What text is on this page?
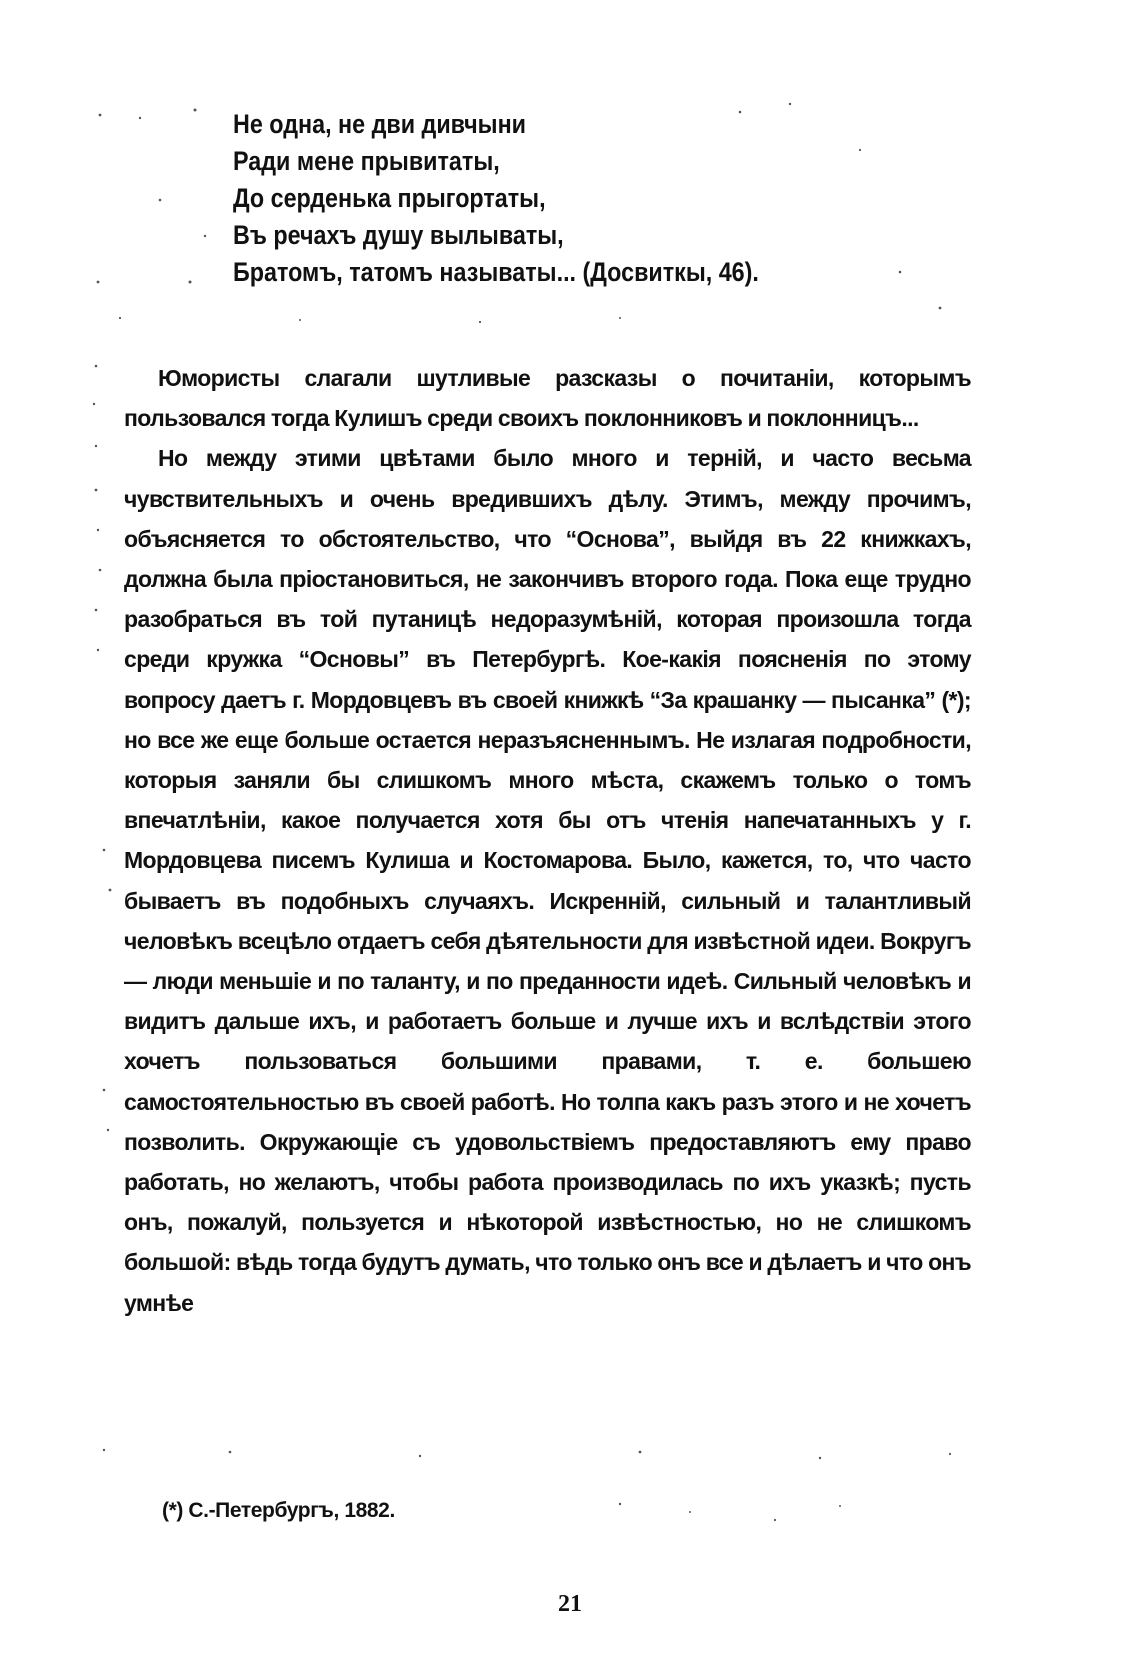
Не одна, не дви дивчыни
Ради мене прывитаты,
До серденька прыгортаты,
Въ речахъ душу вылываты,
Братомъ, татомъ называты... (Досвиткы, 46).

Юмористы слагали шутливые разсказы о почитанiи, которымъ пользовался тогда Кулишъ среди своихъ поклонниковъ и поклонницъ...

Но между этими цвѣтами было много и тернiй, и часто весьма чувствительныхъ и очень вредившихъ дѣлу. Этимъ, между прочимъ, объясняется то обстоятельство, что “Основа”, выйдя въ 22 книжкахъ, должна была прiостановиться, не закончивъ второго года. Пока еще трудно разобраться въ той путаницѣ недоразумѣнiй, которая произошла тогда среди кружка “Основы” въ Петербургѣ. Кое-какiя поясненiя по этому вопросу даетъ г. Мордовцевъ въ своей книжкѣ “За крашанку — пысанка” (*); но все же еще больше остается неразъясненнымъ. Не излагая подробности, которыя заняли бы слишкомъ много мѣста, скажемъ только о томъ впечатлѣнiи, какое получается хотя бы отъ чтенiя напечатанныхъ у г. Мордовцева писемъ Кулиша и Костомарова. Было, кажется, то, что часто бываетъ въ подобныхъ случаяхъ. Искреннiй, сильный и талантливый человѣкъ всецѣло отдаетъ себя дѣятельности для извѣстной идеи. Вокругъ — люди меньшiе и по таланту, и по преданности идеѣ. Сильный человѣкъ и видитъ дальше ихъ, и работаетъ больше и лучше ихъ и вслѣдствiи этого хочетъ пользоваться большими правами, т. е. большею самостоятельностью въ своей работѣ. Но толпа какъ разъ этого и не хочетъ позволить. Окружающiе съ удовольствiемъ предоставляютъ ему право работать, но желаютъ, чтобы работа производилась по ихъ указкѣ; пусть онъ, пожалуй, пользуется и нѣкоторой извѣстностью, но не слишкомъ большой: вѣдь тогда будутъ думать, что только онъ все и дѣлаетъ и что онъ умнѣе

(*) С.-Петербургъ, 1882.
21
